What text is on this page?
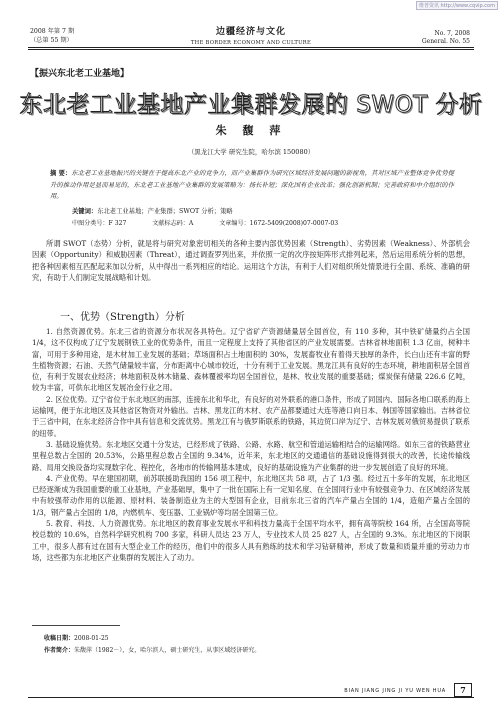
维普资讯 http://www.cqvip.com
2008 年第 7 期
（总第 55 期）
边疆经济与文化
THE BORDER ECONOMY AND CULTURE
No. 7, 2008
General. No. 55
【振兴东北老工业基地】
东北老工业基地产业集群发展的 SWOT 分析
朱 馥 萍
（黑龙江大学 研究生院，哈尔滨 150080）
摘 要：东北老工业基地振兴的关键在于提高东北产业的竞争力，而产业集群作为研究区域经济发展问题的新视角，其对区域产业整体竞争优势提升的推动作用是显而易见的，东北老工业基地产业集群的发展策略为：扬长补短；深化国有企业改革；强化创新机制；完善政府和中介组织的作用。
关键词：东北老工业基地；产业集群；SWOT 分析；策略
中图分类号：F 327	文献标志码：A	文章编号：1672-5409(2008)07-0007-03

所谓 SWOT（态势）分析，就是将与研究对象密切相关的各种主要内部优势因素（Strength）、劣势因素（Weakness）、外部机会因素（Opportunity）和威胁因素（Threat），通过调查罗列出来，并依照一定的次序按矩阵形式排列起来，然后运用系统分析的思想，把各种因素相互匹配起来加以分析，从中得出一系列相应的结论。运用这个方法，有利于人们对组织所处情景进行全面、系统、准确的研究，有助于人们制定发展战略和计划。

一、优势（Strength）分析

1. 自然资源优势。东北三省的资源分布状况各具特色。辽宁省矿产资源储量居全国首位，有 110 多种，其中铁矿储量约占全国 1/4，这不仅构成了辽宁发展钢铁工业的优势条件，而且一定程度上支持了其他省区的产业发展需要。吉林省林地面积 1.3 亿亩，树种丰富，可用于多种用途，是木材加工业发展的基础；草场面积占土地面积的 30%，发展畜牧业有着得天独厚的条件，长白山还有丰富的野生植物资源；石油、天然气储量较丰富，分布距离中心城市较近，十分有利于工业发展。黑龙江具有良好的生态环境，耕地面积居全国首位，有利于发展农业经济；林地面积及林木储量、森林覆被率均居全国首位，是林、牧业发展的重要基础；煤炭保有储量 226.6 亿吨，较为丰富，可供东北地区发展冶金行业之用。

2. 区位优势。辽宁省位于东北地区的南部，连接东北和华北，有良好的对外联系的港口条件，形成了同国内、国际各地口联系的海上运输网，便于东北地区及其他省区物资对外输出。吉林、黑龙江的木材、农产品都要通过大连等港口向日本、韩国等国家输出。吉林省位于三省中间，在东北经济合作中具有信息和交流优势。黑龙江有与俄罗斯联系的铁路，其边贸口岸为辽宁、吉林发展对俄贸易提供了联系的纽带。

3. 基础设施优势。东北地区交通十分发达，已经形成了铁路、公路、水路、航空和管道运输相结合的运输网络。如东三省的铁路营业里程总数占全国的 20.53%，公路里程总数占全国的 9.34%，近年来，东北地区的交通通信的基础设施得到很大的改善，长途传输线路、局用交换设备均实现数字化、程控化，各地市的传输网基本建成，良好的基础设施为产业集群的进一步发展创造了良好的环境。

4. 产业优势。早在建国初期，前苏联援助我国的 156 项工程中，东北地区共 58 项，占了 1/3 强。经过五十多年的发展，东北地区已经逐渐成为我国重要的重工业基地，产业基础厚，集中了一批在国际上有一定知名度、在全国同行业中有较强竞争力、在区域经济发展中有较强带动作用的以能源、原材料、装备制造业为主的大型国有企业，目前东北三省的汽车产量占全国的 1/4，造船产量占全国的 1/3，钢产量占全国的 1/8，内燃机车、变压器、工业锅炉等均居全国第三位。

5. 教育、科技、人力资源优势。东北地区的教育事业发展水平和科技力量高于全国平均水平，拥有高等院校 164 所，占全国高等院校总数的 10.6%，自然科学研究机构 700 多家，科研人员达 23 万人，专业技术人员 25 827 人，占全国的 9.3%。东北地区的下岗职工中，很多人都有过在国有大型企业工作的经历，他们中的很多人具有熟练的技术和学习钻研精神，形成了数量和质量并重的劳动力市场，这些都为东北地区产业集群的发展注入了动力。

收稿日期：2008-01-25
作者简介：朱馥萍（1982－），女，哈尔滨人，硕士研究生，从事区域经济研究。
BIAN JIANG JING JI YU WEN HUA	7
